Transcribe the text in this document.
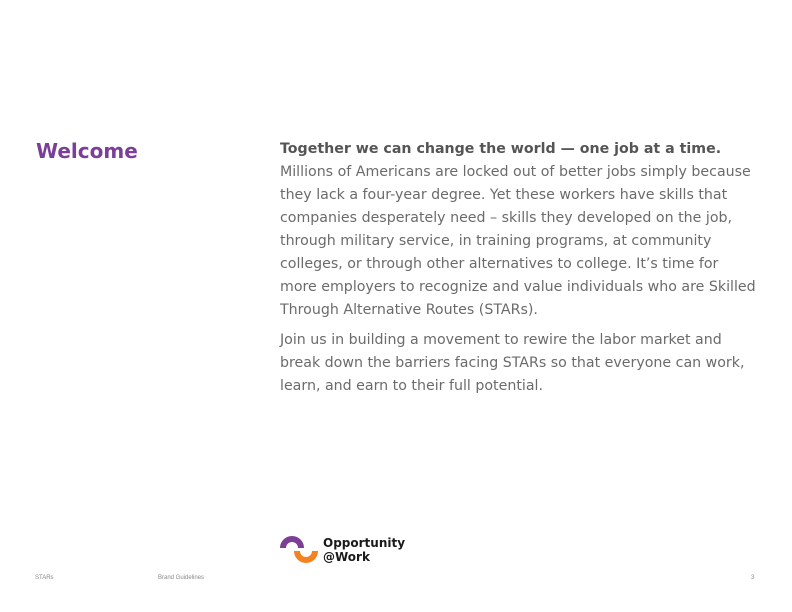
Welcome	Together we can change the world — one job at a time. Millions of Americans are locked out of better jobs simply because they lack a four-year degree. Yet these workers have skills that companies desperately need – skills they developed on the job, through military service, in training programs, at community colleges, or through other alternatives to college. It’s time for more employers to recognize and value individuals who are Skilled Through Alternative Routes (STARs).

Join us in building a movement to rewire the labor market and break down the barriers facing STARs so that everyone can work, learn, and earn to their full potential.

Opportunity
@Work
STARs	Brand Guidelines	3
